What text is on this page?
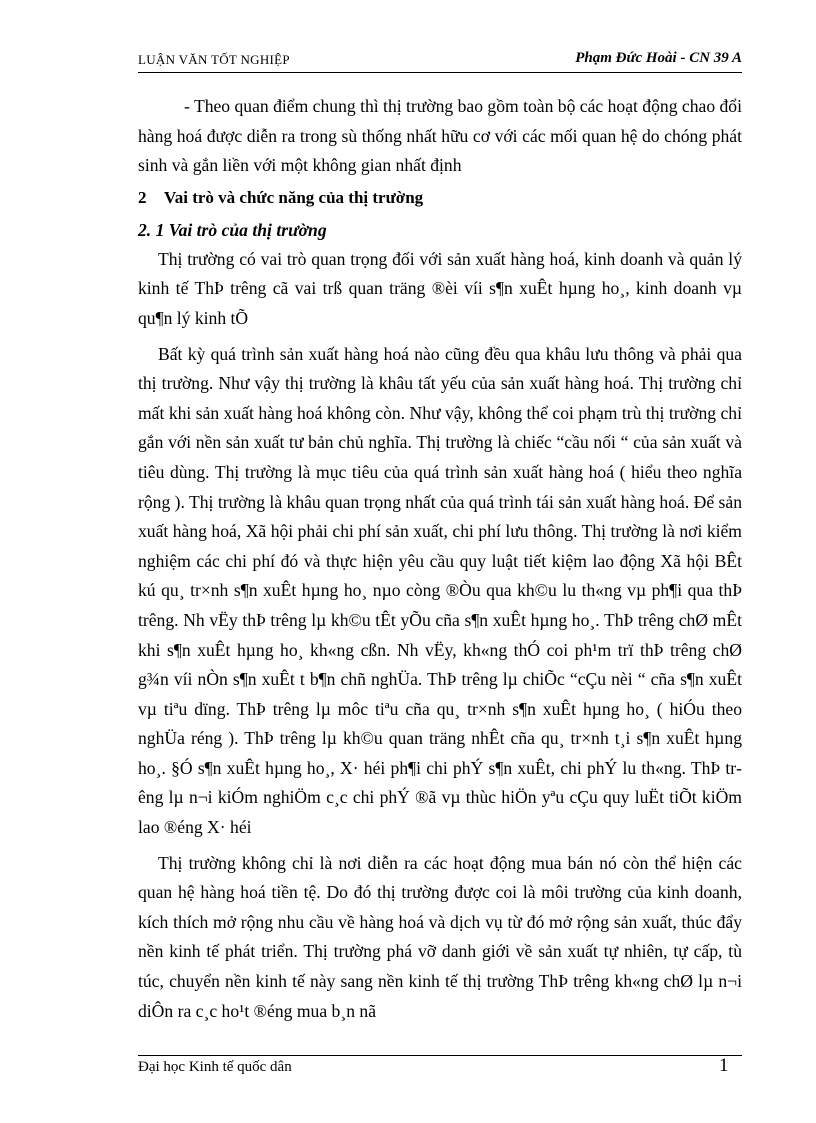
LUẬN VĂN TỐT NGHIỆP	Phạm Đức Hoài - CN 39 A

- Theo quan điểm chung thì thị trường bao gồm toàn bộ các hoạt động chao đổi hàng hoá được diễn ra trong sù thống nhất hữu cơ với các mối quan hệ do chóng phát sinh và gắn liền với một không gian nhất định

2 Vai trò và chức năng của thị trường
2. 1 Vai trò của thị trường

Thị trường có vai trò quan trọng đối với sản xuất hàng hoá, kinh doanh và quản lý kinh tế ThÞ trêng cã vai trß quan träng ®èi víi s¶n xuÊt hµng ho¸, kinh doanh vµ qu¶n lý kinh tÕ

Bất kỳ quá trình sản xuất hàng hoá nào cũng đều qua khâu lưu thông và phải qua thị trường. Như vậy thị trường là khâu tất yếu của sản xuất hàng hoá. Thị trường chỉ mất khi sản xuất hàng hoá không còn. Như vậy, không thể coi phạm trù thị trường chỉ gắn với nền sản xuất tư bản chủ nghĩa. Thị trường là chiếc “cầu nối “ của sản xuất và tiêu dùng. Thị trường là mục tiêu của quá trình sản xuất hàng hoá ( hiểu theo nghĩa rộng ). Thị trường là khâu quan trọng nhất của quá trình tái sản xuất hàng hoá. Để sản xuất hàng hoá, Xã hội phải chi phí sản xuất, chi phí lưu thông. Thị trường là nơi kiểm nghiệm các chi phí đó và thực hiện yêu cầu quy luật tiết kiệm lao động Xã hội BÊt kú qu¸ tr×nh s¶n xuÊt hµng ho¸ nµo còng ®Òu qua kh©u lu th«ng vµ ph¶i qua thÞ trêng. Nh vËy thÞ trêng lµ kh©u tÊt yÕu cña s¶n xuÊt hµng ho¸. ThÞ trêng chØ mÊt khi s¶n xuÊt hµng ho¸ kh«ng cßn. Nh vËy, kh«ng thÓ coi ph¹m trï thÞ trêng chØ g¾n víi nÒn s¶n xuÊt t b¶n chñ nghÜa. ThÞ trêng lµ chiÕc “cÇu nèi “ cña s¶n xuÊt vµ tiªu dïng. ThÞ trêng lµ môc tiªu cña qu¸ tr×nh s¶n xuÊt hµng ho¸ ( hiÓu theo nghÜa réng ). ThÞ trêng lµ kh©u quan träng nhÊt cña qu¸ tr×nh t¸i s¶n xuÊt hµng ho¸. §Ó s¶n xuÊt hµng ho¸, X· héi ph¶i chi phÝ s¶n xuÊt, chi phÝ lu th«ng. ThÞ trêng lµ n¬i kiÓm nghiÖm c¸c chi phÝ ®ã vµ thùc hiÖn yªu cÇu quy luËt tiÕt kiÖm lao ®éng X· héi

Thị trường không chỉ là nơi diễn ra các hoạt động mua bán nó còn thể hiện các quan hệ hàng hoá tiền tệ. Do đó thị trường được coi là môi trường của kinh doanh, kích thích mở rộng nhu cầu về hàng hoá và dịch vụ từ đó mở rộng sản xuất, thúc đẩy nền kinh tế phát triển. Thị trường phá vỡ danh giới về sản xuất tự nhiên, tự cấp, tù túc, chuyển nền kinh tế này sang nền kinh tế thị trường ThÞ trêng kh«ng chØ lµ n¬i diÔn ra c¸c ho¹t ®éng mua b¸n nã

Đại học Kinh tế quốc dân	1
